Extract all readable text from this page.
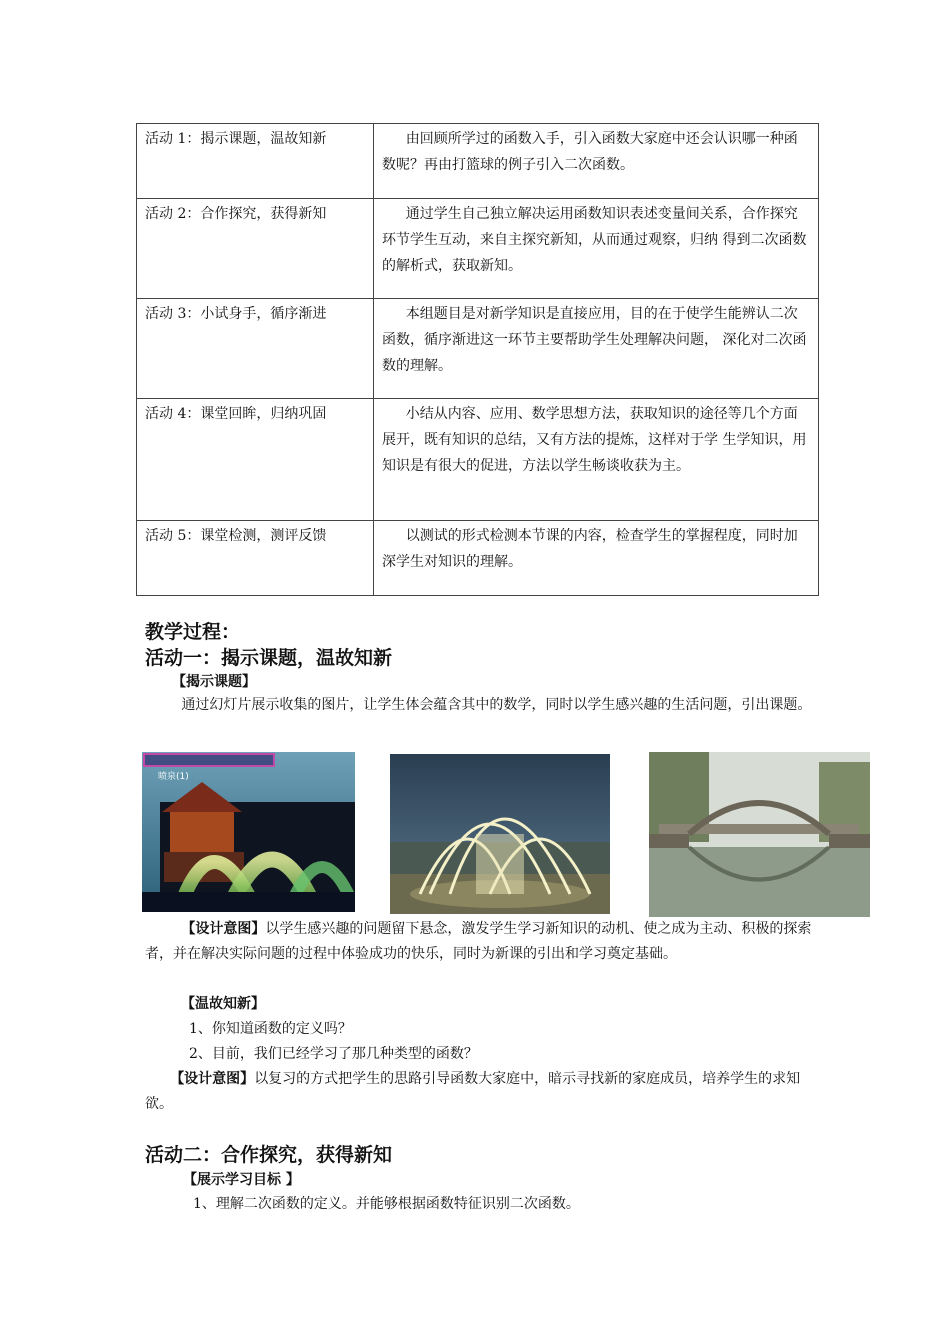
活动 1：揭示课题，温故知新	由回顾所学过的函数入手，引入函数大家庭中还会认识哪一种函数呢？再由打篮球的例子引入二次函数。

活动 2：合作探究，获得新知	通过学生自己独立解决运用函数知识表述变量间关系，合作探究环节学生互动，来自主探究新知，从而通过观察，归纳 得到二次函数的解析式，获取新知。

活动 3：小试身手，循序渐进	本组题目是对新学知识是直接应用，目的在于使学生能辨认二次函数，循序渐进这一环节主要帮助学生处理解决问题， 深化对二次函数的理解。

活动 4：课堂回眸，归纳巩固	小结从内容、应用、数学思想方法，获取知识的途径等几个方面展开，既有知识的总结，又有方法的提炼，这样对于学 生学知识，用知识是有很大的促进，方法以学生畅谈收获为主。

活动 5：课堂检测，测评反馈	以测试的形式检测本节课的内容，检查学生的掌握程度，同时加深学生对知识的理解。
教学过程：
活动一：揭示课题，温故知新
【揭示课题】
通过幻灯片展示收集的图片，让学生体会蕴含其中的数学，同时以学生感兴趣的生活问题，引出课题。
喷泉(1)
【设计意图】以学生感兴趣的问题留下悬念，激发学生学习新知识的动机、使之成为主动、积极的探索者，并在解决实际问题的过程中体验成功的快乐，同时为新课的引出和学习奠定基础。
【温故知新】
1、你知道函数的定义吗？
2、目前，我们已经学习了那几种类型的函数？
【设计意图】以复习的方式把学生的思路引导函数大家庭中，暗示寻找新的家庭成员，培养学生的求知欲。
活动二：合作探究，获得新知
【展示学习目标 】
1、理解二次函数的定义。并能够根据函数特征识别二次函数。
